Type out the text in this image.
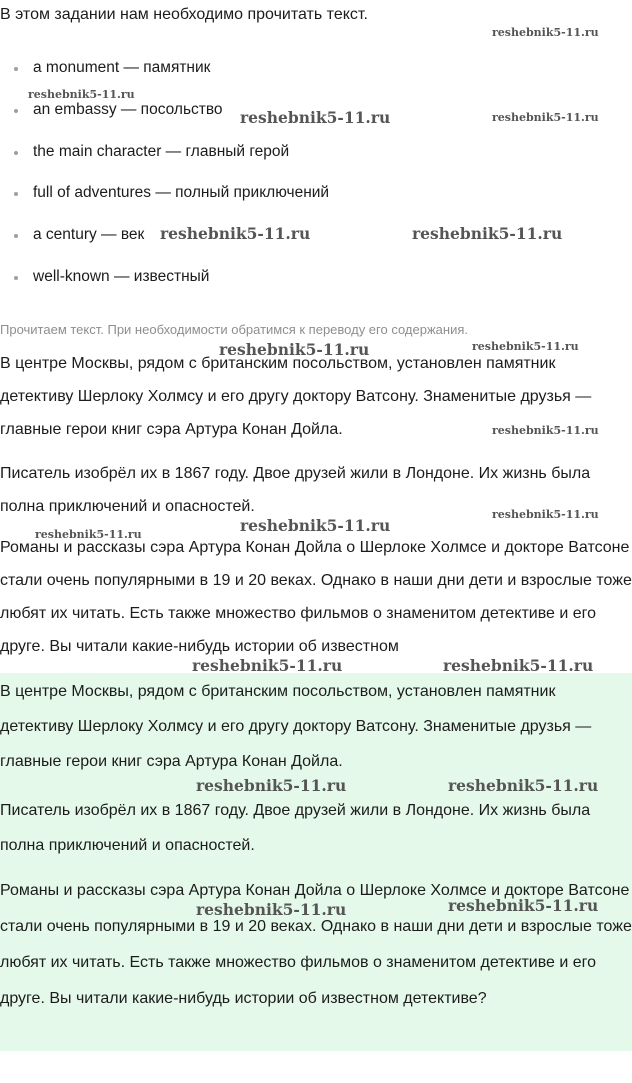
В этом задании нам необходимо прочитать текст.
a monument — памятник
an embassy — посольство
the main character — главный герой
full of adventures — полный приключений
a century — век
well-known — известный
Прочитаем текст. При необходимости обратимся к переводу его содержания.
В центре Москвы, рядом с британским посольством, установлен памятник детективу Шерлоку Холмсу и его другу доктору Ватсону. Знаменитые друзья — главные герои книг сэра Артура Конан Дойла.
Писатель изобрёл их в 1867 году. Двое друзей жили в Лондоне. Их жизнь была полна приключений и опасностей.
Романы и рассказы сэра Артура Конан Дойла о Шерлоке Холмсе и докторе Ватсоне стали очень популярными в 19 и 20 веках. Однако в наши дни дети и взрослые тоже любят их читать. Есть также множество фильмов о знаменитом детективе и его друге. Вы читали какие-нибудь истории об известном
В центре Москвы, рядом с британским посольством, установлен памятник детективу Шерлоку Холмсу и его другу доктору Ватсону. Знаменитые друзья — главные герои книг сэра Артура Конан Дойла.
Писатель изобрёл их в 1867 году. Двое друзей жили в Лондоне. Их жизнь была полна приключений и опасностей.
Романы и рассказы сэра Артура Конан Дойла о Шерлоке Холмсе и докторе Ватсоне стали очень популярными в 19 и 20 веках. Однако в наши дни дети и взрослые тоже любят их читать. Есть также множество фильмов о знаменитом детективе и его друге. Вы читали какие-нибудь истории об известном детективе?
reshebnik5-11.ru
reshebnik5-11.ru
reshebnik5-11.ru	reshebnik5-11.ru
reshebnik5-11.ru	reshebnik5-11.ru
reshebnik5-11.ru	reshebnik5-11.ru
reshebnik5-11.ru
reshebnik5-11.ru
reshebnik5-11.ru
reshebnik5-11.ru
reshebnik5-11.ru	reshebnik5-11.ru
reshebnik5-11.ru	reshebnik5-11.ru
reshebnik5-11.ru	reshebnik5-11.ru
